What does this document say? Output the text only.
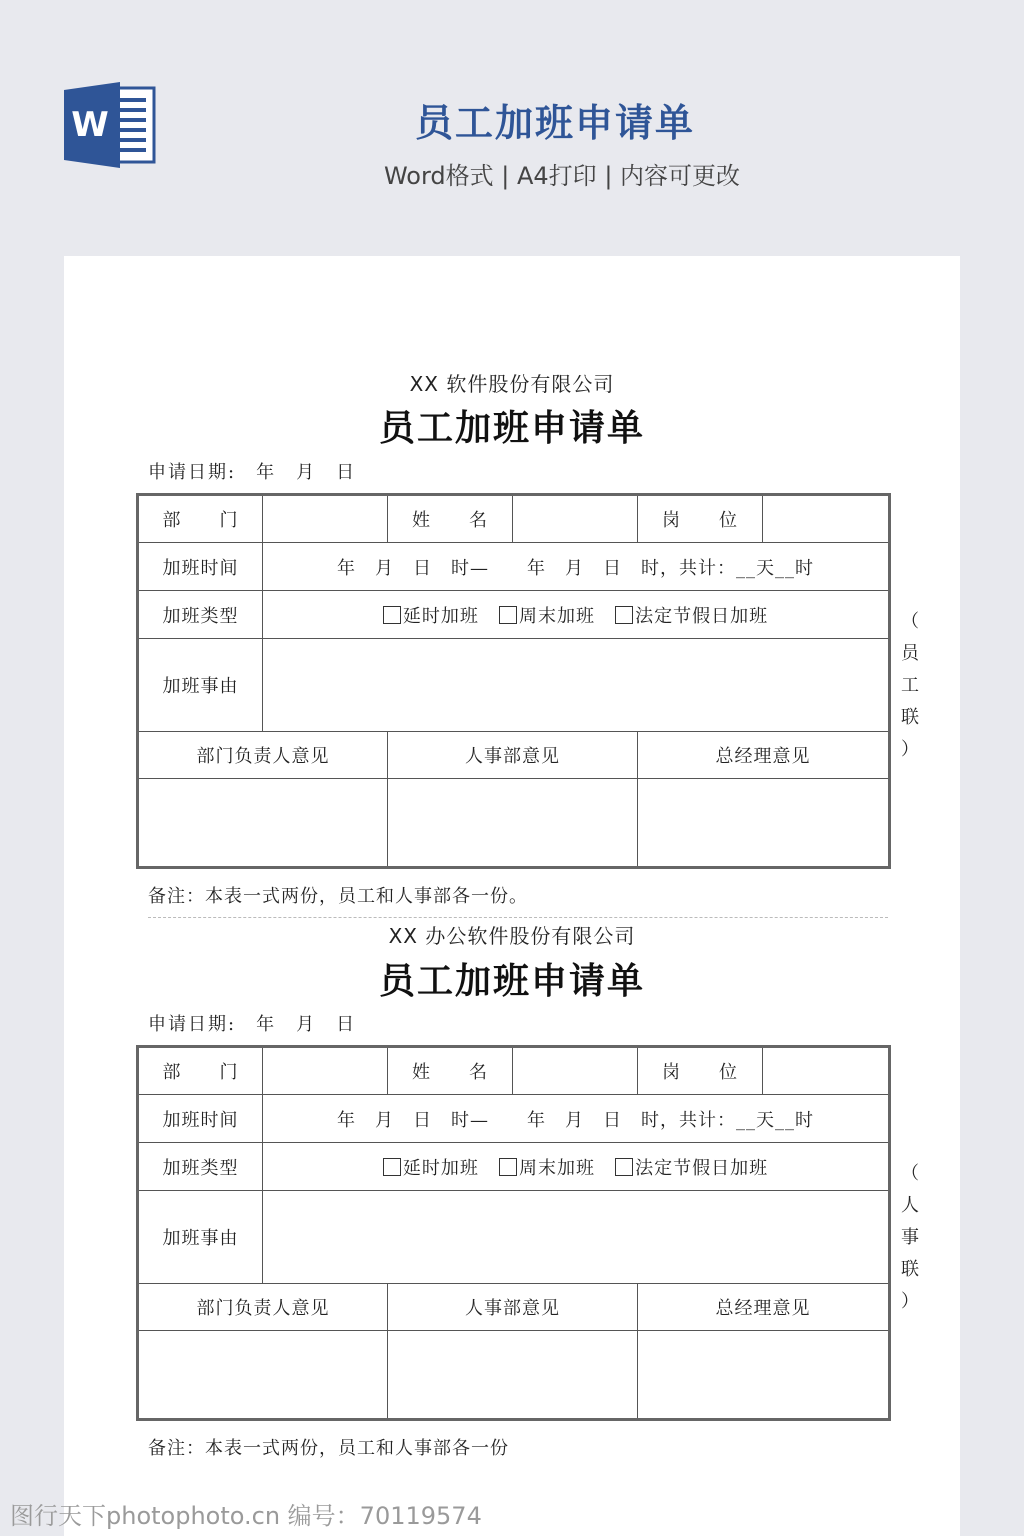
W	员工加班申请单
Word格式 | A4打印 | 内容可更改
XX 软件股份有限公司
员工加班申请单
申请日期:　年　月　日
部　　门		姓　　名		岗　　位	
加班时间	年　月　日　时—　　年　月　日　时，共计：__天__时				
加班类型	延时加班 周末加班 法定节假日加班				
加班事由					
部门负责人意见		人事部意见		总经理意见	

（
员
工
联
）
备注：本表一式两份，员工和人事部各一份。
XX 办公软件股份有限公司
员工加班申请单
申请日期:　年　月　日
部　　门		姓　　名		岗　　位	
加班时间	年　月　日　时—　　年　月　日　时，共计：__天__时				
加班类型	延时加班 周末加班 法定节假日加班				
加班事由					
部门负责人意见		人事部意见		总经理意见	

（
人
事
联
）
备注：本表一式两份，员工和人事部各一份
图行天下photophoto.cn 编号：70119574
